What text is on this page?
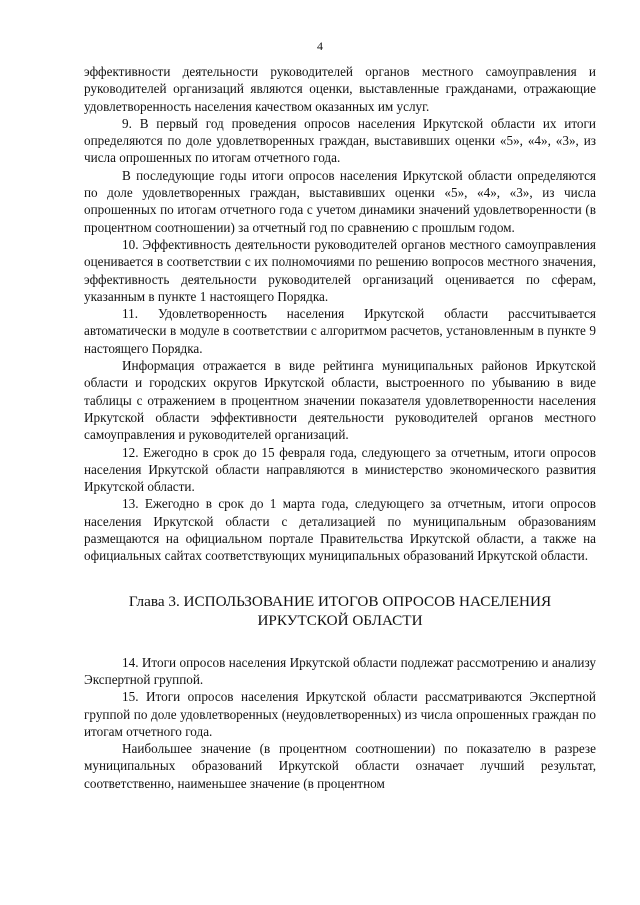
4

эффективности деятельности руководителей органов местного самоуправления и руководителей организаций являются оценки, выставленные гражданами, отражающие удовлетворенность населения качеством оказанных им услуг.

9. В первый год проведения опросов населения Иркутской области их итоги определяются по доле удовлетворенных граждан, выставивших оценки «5», «4», «3», из числа опрошенных по итогам отчетного года.

В последующие годы итоги опросов населения Иркутской области определяются по доле удовлетворенных граждан, выставивших оценки «5», «4», «3», из числа опрошенных по итогам отчетного года с учетом динамики значений удовлетворенности (в процентном соотношении) за отчетный год по сравнению с прошлым годом.

10. Эффективность деятельности руководителей органов местного самоуправления оценивается в соответствии с их полномочиями по решению вопросов местного значения, эффективность деятельности руководителей организаций оценивается по сферам, указанным в пункте 1 настоящего Порядка.

11. Удовлетворенность населения Иркутской области рассчитывается автоматически в модуле в соответствии с алгоритмом расчетов, установленным в пункте 9 настоящего Порядка.

Информация отражается в виде рейтинга муниципальных районов Иркутской области и городских округов Иркутской области, выстроенного по убыванию в виде таблицы с отражением в процентном значении показателя удовлетворенности населения Иркутской области эффективности деятельности руководителей органов местного самоуправления и руководителей организаций.

12. Ежегодно в срок до 15 февраля года, следующего за отчетным, итоги опросов населения Иркутской области направляются в министерство экономического развития Иркутской области.

13. Ежегодно в срок до 1 марта года, следующего за отчетным, итоги опросов населения Иркутской области с детализацией по муниципальным образованиям размещаются на официальном портале Правительства Иркутской области, а также на официальных сайтах соответствующих муниципальных образований Иркутской области.

Глава 3. ИСПОЛЬЗОВАНИЕ ИТОГОВ ОПРОСОВ НАСЕЛЕНИЯ
ИРКУТСКОЙ ОБЛАСТИ

14. Итоги опросов населения Иркутской области подлежат рассмотрению и анализу Экспертной группой.

15. Итоги опросов населения Иркутской области рассматриваются Экспертной группой по доле удовлетворенных (неудовлетворенных) из числа опрошенных граждан по итогам отчетного года.

Наибольшее значение (в процентном соотношении) по показателю в разрезе муниципальных образований Иркутской области означает лучший результат, соответственно, наименьшее значение (в процентном
